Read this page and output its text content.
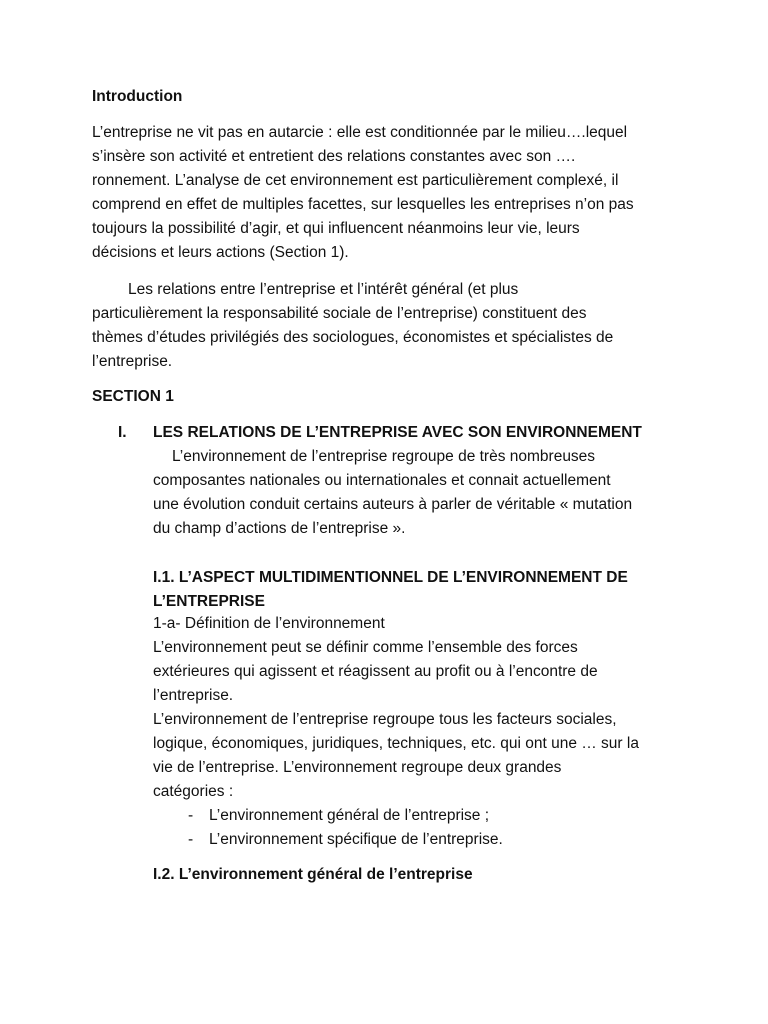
Introduction
L’entreprise ne vit pas en autarcie : elle est conditionnée par le milieu….lequel
s’insère son activité et entretient des relations constantes avec son ….
ronnement. L’analyse de cet environnement est particulièrement complexé, il
comprend en effet de multiples facettes, sur lesquelles les entreprises n’on pas
toujours la possibilité d’agir, et qui influencent néanmoins leur vie, leurs
décisions et leurs actions (Section 1).
Les relations entre l’entreprise et l’intérêt général (et plus
particulièrement la responsabilité sociale de l’entreprise) constituent des
thèmes d’études privilégiés des sociologues, économistes et spécialistes de
l’entreprise.
SECTION 1
I. LES RELATIONS DE L’ENTREPRISE AVEC SON ENVIRONNEMENT
L’environnement de l’entreprise regroupe de très nombreuses
composantes nationales ou internationales et connait actuellement
une évolution conduit certains auteurs à parler de véritable « mutation
du champ d’actions de l’entreprise ».
I.1. L’ASPECT MULTIDIMENTIONNEL DE L’ENVIRONNEMENT DE
L’ENTREPRISE
1-a- Définition de l’environnement
L’environnement peut se définir comme l’ensemble des forces
extérieures qui agissent et réagissent au profit ou à l’encontre de
l’entreprise.
L’environnement de l’entreprise regroupe tous les facteurs sociales,
logique, économiques, juridiques, techniques, etc. qui ont une … sur la
vie de l’entreprise. L’environnement regroupe deux grandes
catégories :
- L’environnement général de l’entreprise ;
- L’environnement spécifique de l’entreprise.
I.2. L’environnement général de l’entreprise
